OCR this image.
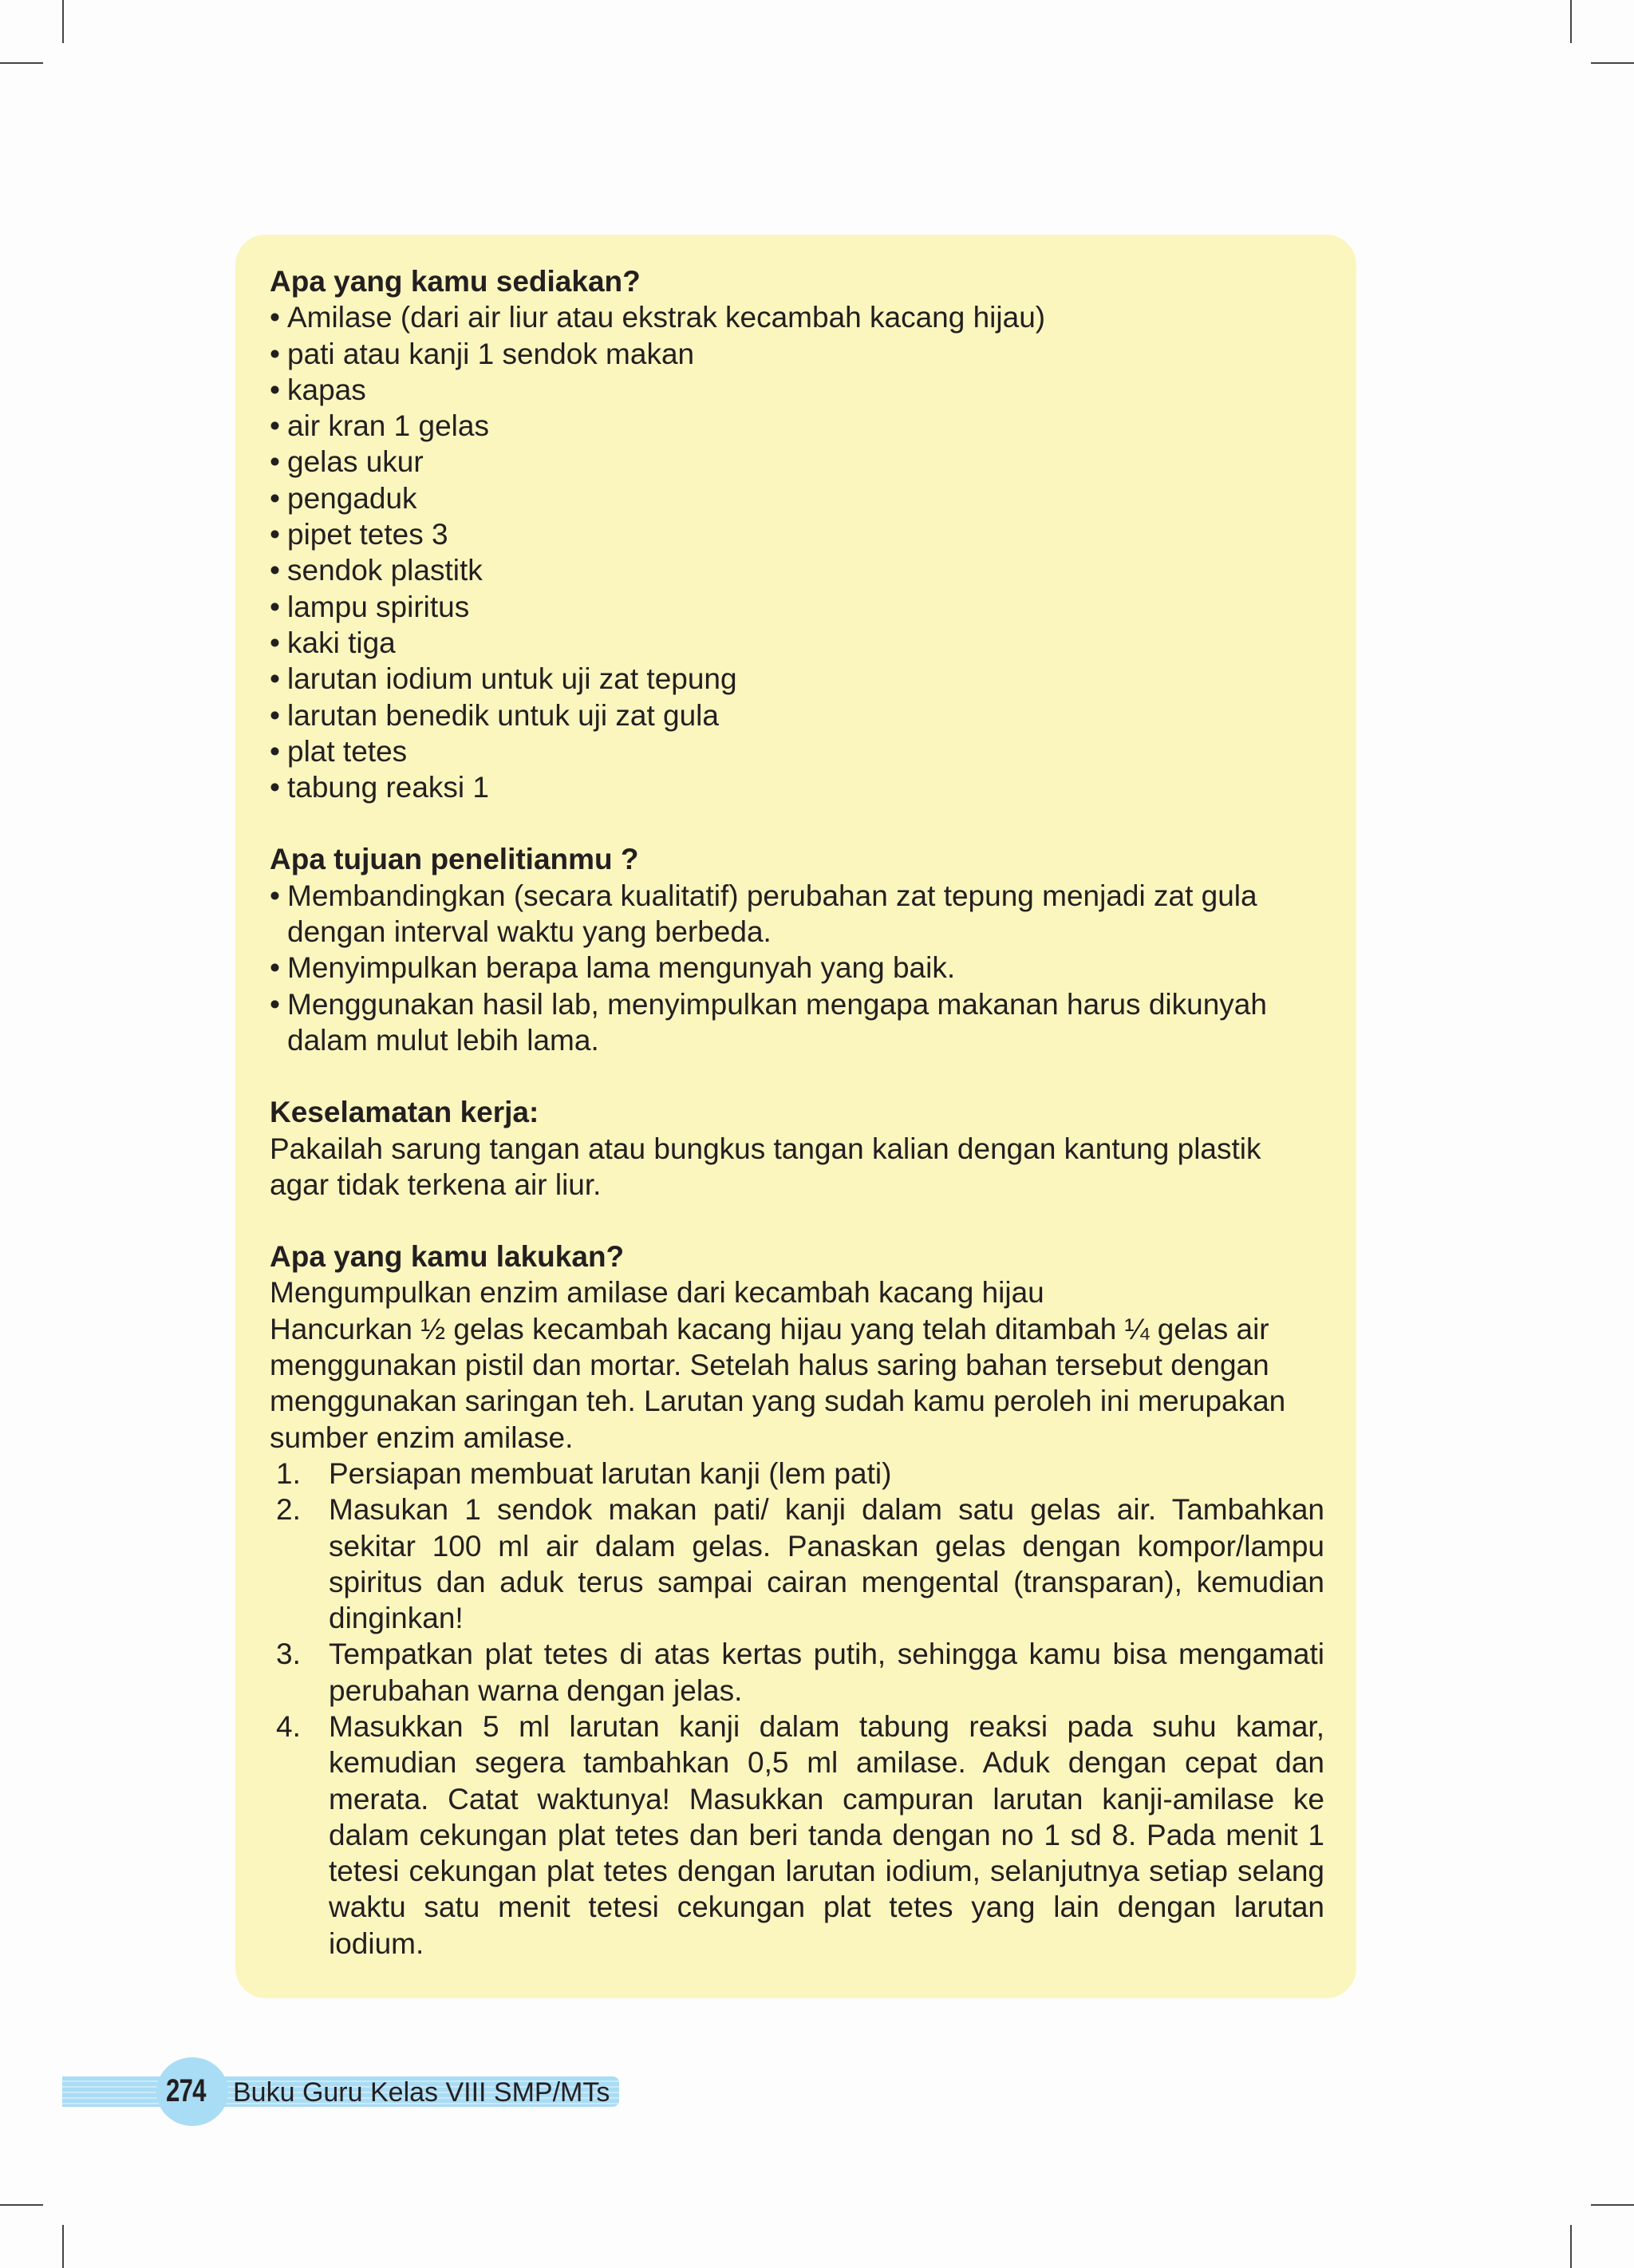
Apa yang kamu sediakan?
• Amilase (dari air liur atau ekstrak kecambah kacang hijau)
• pati atau kanji 1 sendok makan
• kapas
• air kran 1 gelas
• gelas ukur
• pengaduk
• pipet tetes 3
• sendok plastitk
• lampu spiritus
• kaki tiga
• larutan iodium untuk uji zat tepung
• larutan benedik untuk uji zat gula
• plat tetes
• tabung reaksi 1
Apa tujuan penelitianmu ?
• Membandingkan (secara kualitatif) perubahan zat tepung menjadi zat gula dengan interval waktu yang berbeda.
• Menyimpulkan berapa lama mengunyah yang baik.
• Menggunakan hasil lab, menyimpulkan mengapa makanan harus dikunyah dalam mulut lebih lama.
Keselamatan kerja:

Pakailah sarung tangan atau bungkus tangan kalian dengan kantung plastik agar tidak terkena air liur.

Apa yang kamu lakukan?

Mengumpulkan enzim amilase dari kecambah kacang hijau

Hancurkan ½ gelas kecambah kacang hijau yang telah ditambah ¼ gelas air menggunakan pistil dan mortar. Setelah halus saring bahan tersebut dengan menggunakan saringan teh. Larutan yang sudah kamu peroleh ini merupakan sumber enzim amilase.

1. Persiapan membuat larutan kanji (lem pati)
2. Masukan 1 sendok makan pati/ kanji dalam satu gelas air. Tambahkan sekitar 100 ml air dalam gelas. Panaskan gelas dengan kompor/lampu spiritus dan aduk terus sampai cairan mengental (transparan), kemudian dinginkan!
3. Tempatkan plat tetes di atas kertas putih, sehingga kamu bisa mengamati perubahan warna dengan jelas.
4. Masukkan 5 ml larutan kanji dalam tabung reaksi pada suhu kamar, kemudian segera tambahkan 0,5 ml amilase. Aduk dengan cepat dan merata. Catat waktunya! Masukkan campuran larutan kanji-amilase ke dalam cekungan plat tetes dan beri tanda dengan no 1 sd 8. Pada menit 1 tetesi cekungan plat tetes dengan larutan iodium, selanjutnya setiap selang waktu satu menit tetesi cekungan plat tetes yang lain dengan larutan iodium.
274 Buku Guru Kelas VIII SMP/MTs
